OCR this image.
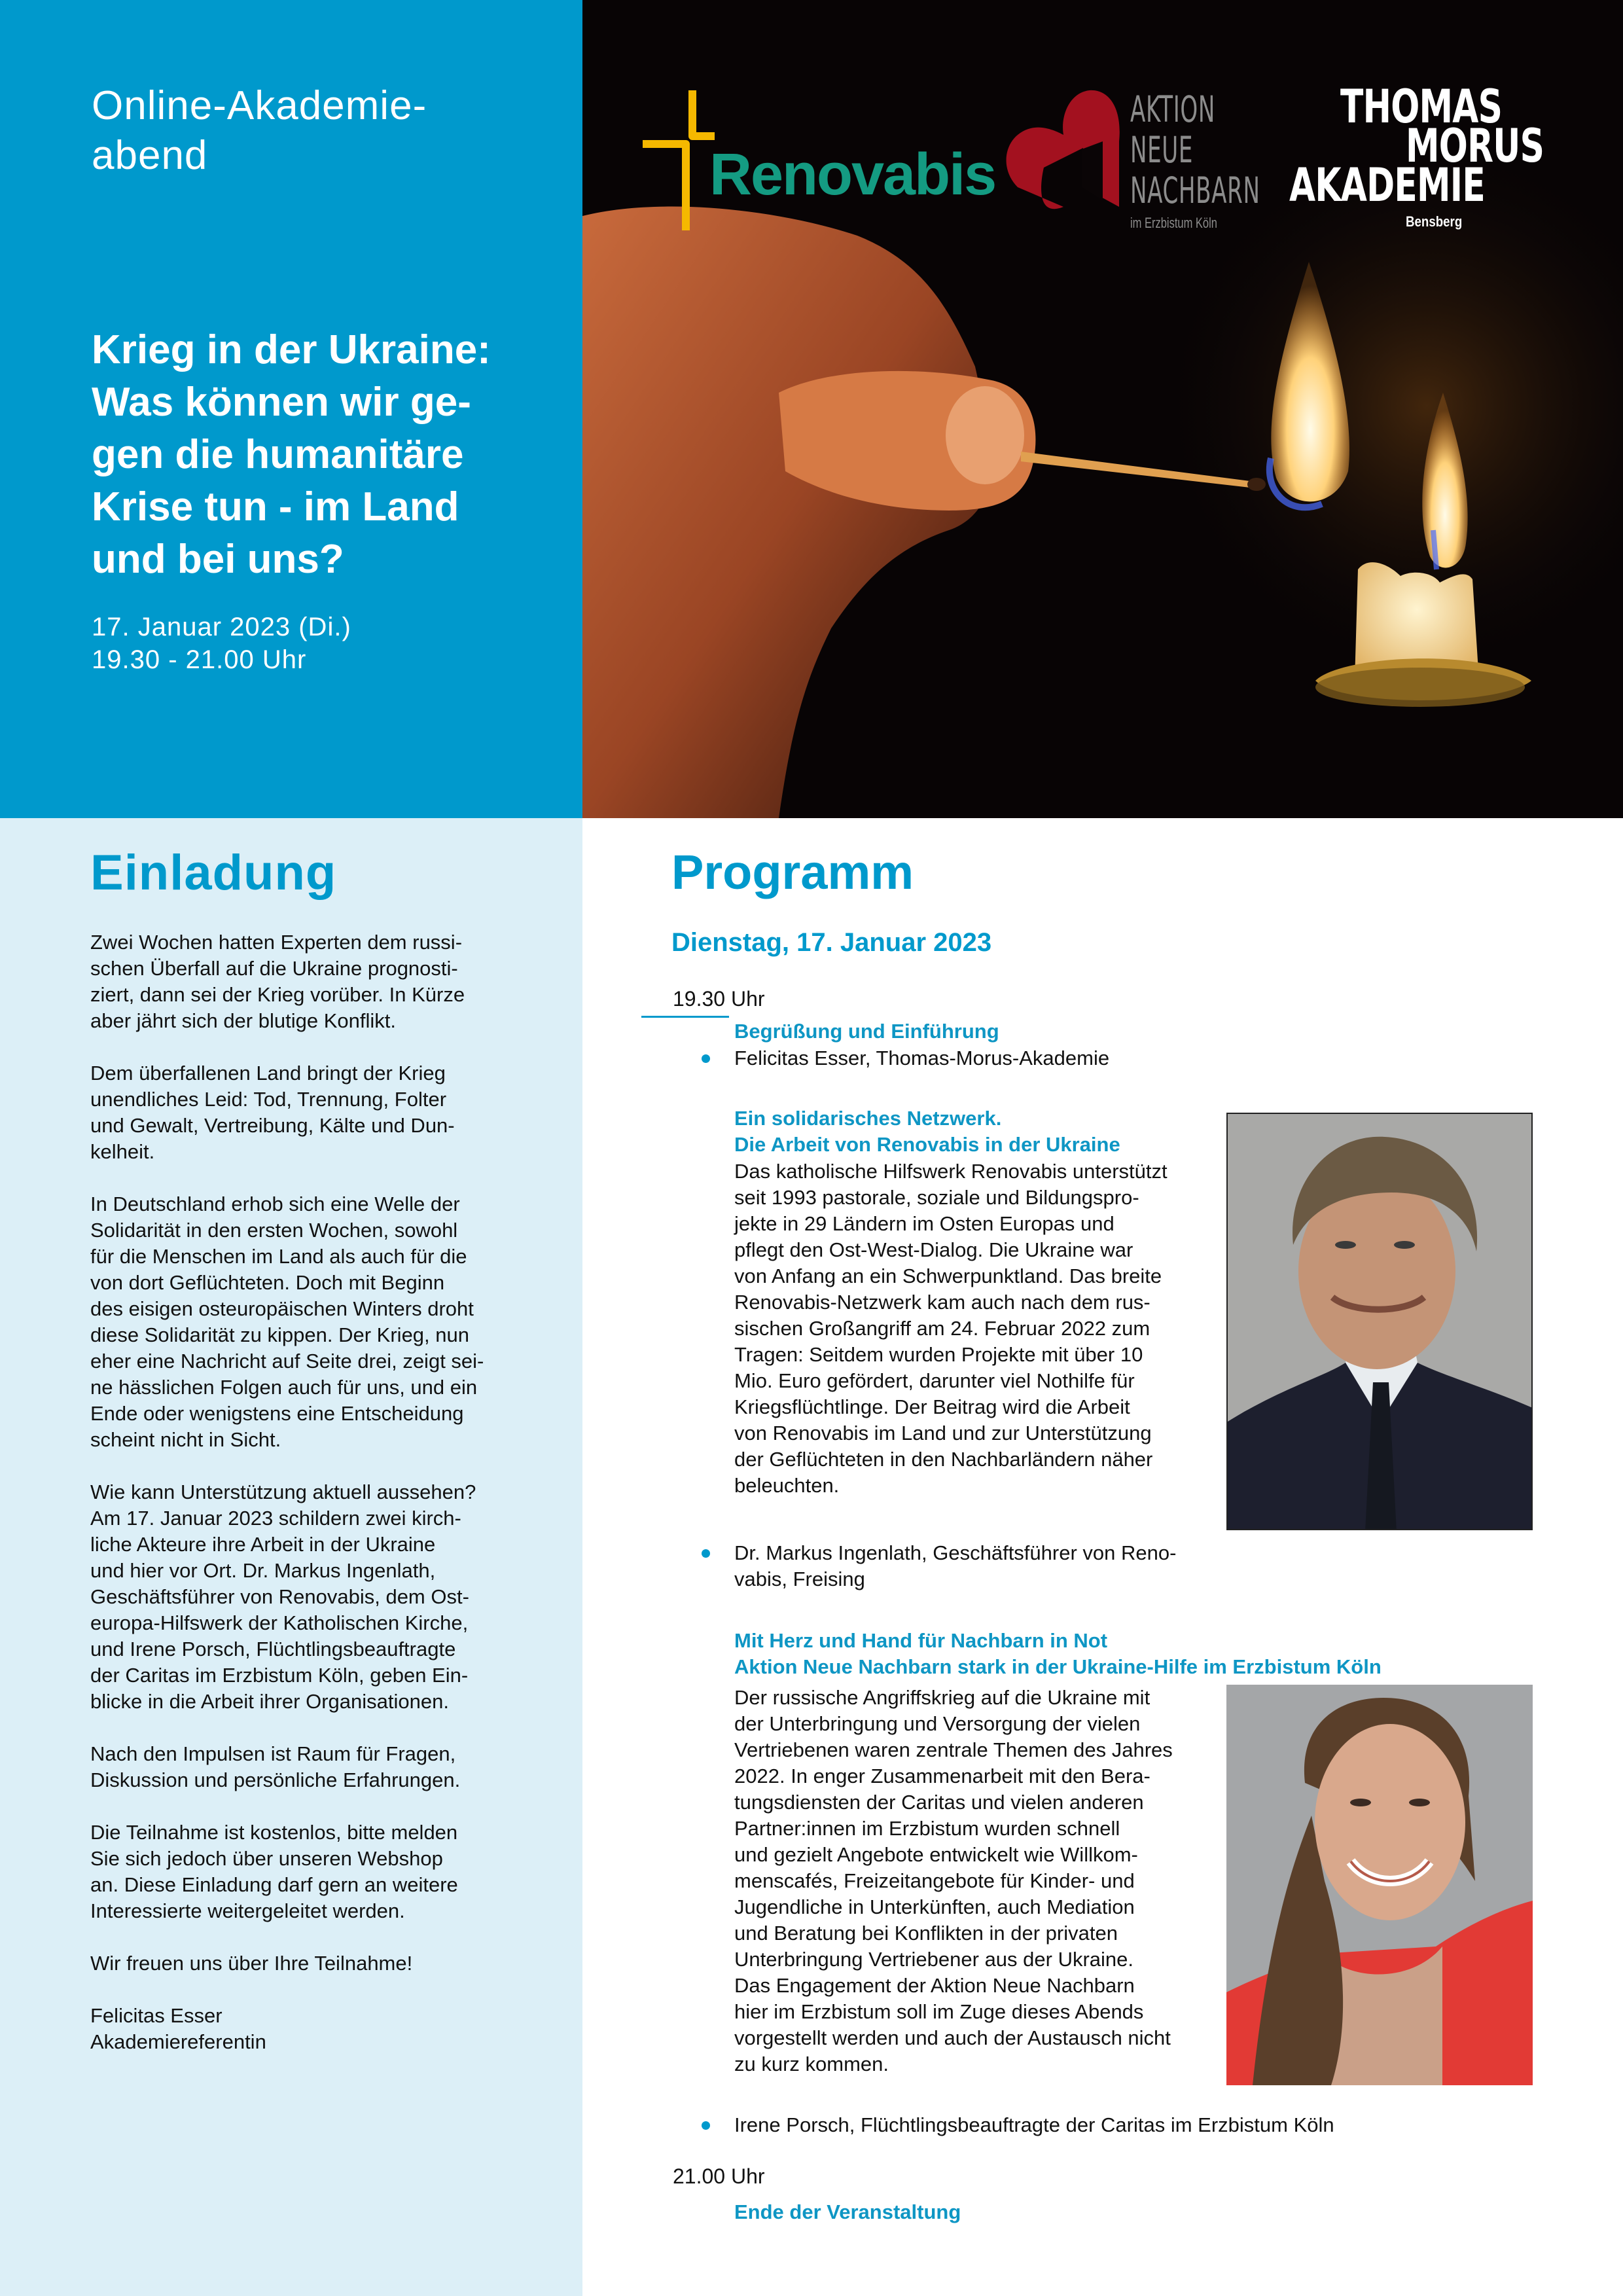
Online-Akademie-
abend
Krieg in der Ukraine:
Was können wir ge-
gen die humanitäre
Krise tun - im Land
und bei uns?
17. Januar 2023 (Di.)
19.30 - 21.00 Uhr
Renovabis
AKTION
NEUE
NACHBARN
im Erzbistum Köln
THOMAS
MORUS
AKADEMIE
Bensberg
Einladung

Zwei Wochen hatten Experten dem russi-
schen Überfall auf die Ukraine prognosti-
ziert, dann sei der Krieg vorüber. In Kürze
aber jährt sich der blutige Konflikt.

Dem überfallenen Land bringt der Krieg
unendliches Leid: Tod, Trennung, Folter
und Gewalt, Vertreibung, Kälte und Dun-
kelheit.

In Deutschland erhob sich eine Welle der
Solidarität in den ersten Wochen, sowohl
für die Menschen im Land als auch für die
von dort Geflüchteten. Doch mit Beginn
des eisigen osteuropäischen Winters droht
diese Solidarität zu kippen. Der Krieg, nun
eher eine Nachricht auf Seite drei, zeigt sei-
ne hässlichen Folgen auch für uns, und ein
Ende oder wenigstens eine Entscheidung
scheint nicht in Sicht.

Wie kann Unterstützung aktuell aussehen?
Am 17. Januar 2023 schildern zwei kirch-
liche Akteure ihre Arbeit in der Ukraine
und hier vor Ort. Dr. Markus Ingenlath,
Geschäftsführer von Renovabis, dem Ost-
europa-Hilfswerk der Katholischen Kirche,
und Irene Porsch, Flüchtlingsbeauftragte
der Caritas im Erzbistum Köln, geben Ein-
blicke in die Arbeit ihrer Organisationen.

Nach den Impulsen ist Raum für Fragen,
Diskussion und persönliche Erfahrungen.

Die Teilnahme ist kostenlos, bitte melden
Sie sich jedoch über unseren Webshop
an. Diese Einladung darf gern an weitere
Interessierte weitergeleitet werden.

Wir freuen uns über Ihre Teilnahme!

Felicitas Esser
Akademiereferentin

Programm
Dienstag, 17. Januar 2023
19.30 Uhr
Begrüßung und Einführung
Felicitas Esser, Thomas-Morus-Akademie
Ein solidarisches Netzwerk.
Die Arbeit von Renovabis in der Ukraine
Das katholische Hilfswerk Renovabis unterstützt
seit 1993 pastorale, soziale und Bildungspro-
jekte in 29 Ländern im Osten Europas und
pflegt den Ost-West-Dialog. Die Ukraine war
von Anfang an ein Schwerpunktland. Das breite
Renovabis-Netzwerk kam auch nach dem rus-
sischen Großangriff am 24. Februar 2022 zum
Tragen: Seitdem wurden Projekte mit über 10
Mio. Euro gefördert, darunter viel Nothilfe für
Kriegsflüchtlinge. Der Beitrag wird die Arbeit
von Renovabis im Land und zur Unterstützung
der Geflüchteten in den Nachbarländern näher
beleuchten.
Dr. Markus Ingenlath, Geschäftsführer von Reno-
vabis, Freising
Mit Herz und Hand für Nachbarn in Not
Aktion Neue Nachbarn stark in der Ukraine-Hilfe im Erzbistum Köln
Der russische Angriffskrieg auf die Ukraine mit
der Unterbringung und Versorgung der vielen
Vertriebenen waren zentrale Themen des Jahres
2022. In enger Zusammenarbeit mit den Bera-
tungsdiensten der Caritas und vielen anderen
Partner:innen im Erzbistum wurden schnell
und gezielt Angebote entwickelt wie Willkom-
menscafés, Freizeitangebote für Kinder- und
Jugendliche in Unterkünften, auch Mediation
und Beratung bei Konflikten in der privaten
Unterbringung Vertriebener aus der Ukraine.
Das Engagement der Aktion Neue Nachbarn
hier im Erzbistum soll im Zuge dieses Abends
vorgestellt werden und auch der Austausch nicht
zu kurz kommen.
Irene Porsch, Flüchtlingsbeauftragte der Caritas im Erzbistum Köln
21.00 Uhr
Ende der Veranstaltung
